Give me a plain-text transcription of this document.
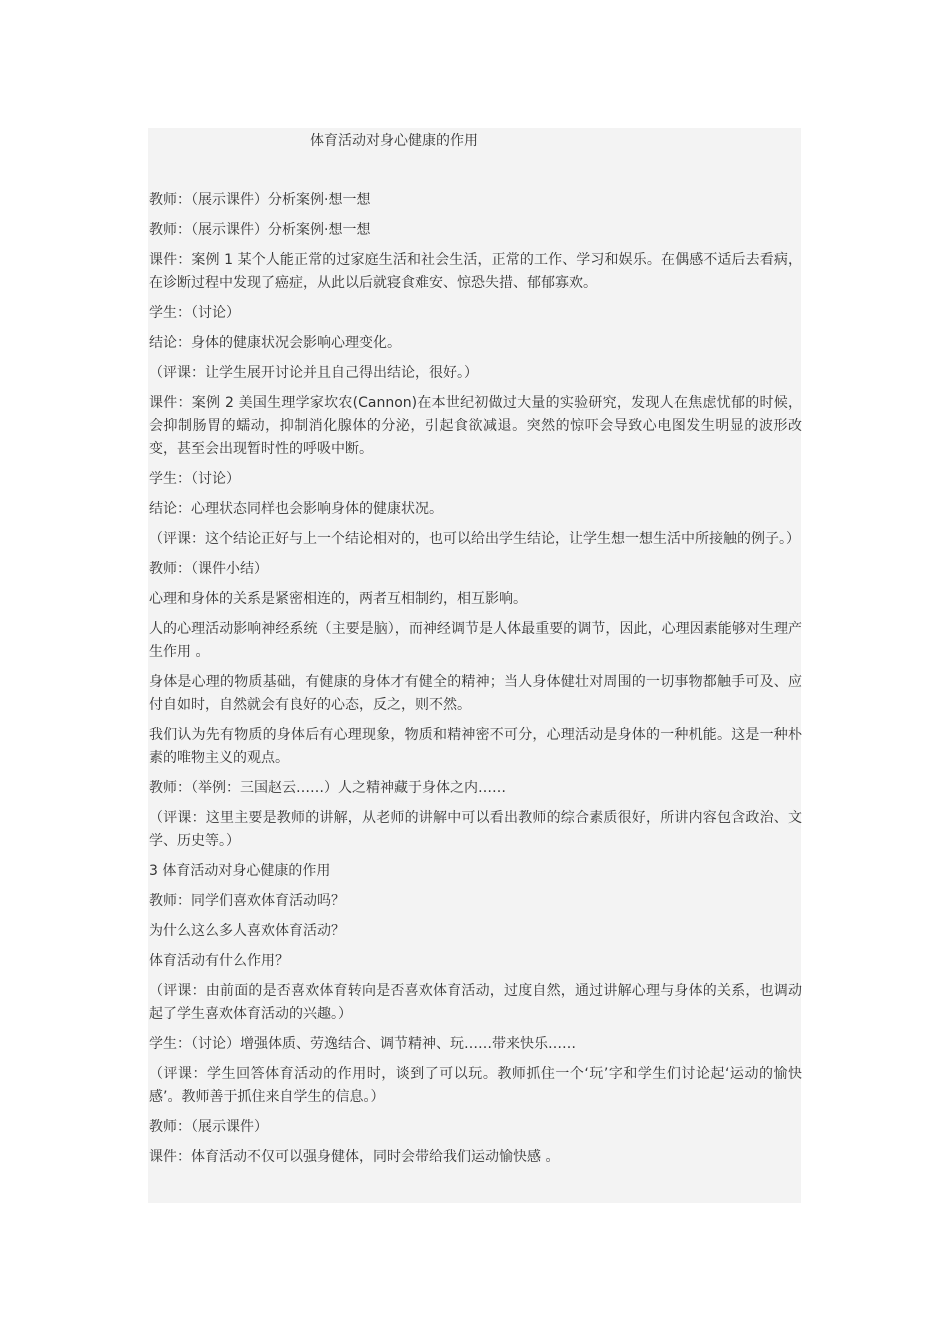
体育活动对身心健康的作用

教师：（展示课件）分析案例·想一想

教师：（展示课件）分析案例·想一想

课件：案例 1 某个人能正常的过家庭生活和社会生活，正常的工作、学习和娱乐。在偶感不适后去看病，在诊断过程中发现了癌症，从此以后就寝食难安、惊恐失措、郁郁寡欢。

学生：（讨论）

结论：身体的健康状况会影响心理变化。

（评课：让学生展开讨论并且自己得出结论，很好。）

课件：案例 2 美国生理学家坎农(Cannon)在本世纪初做过大量的实验研究，发现人在焦虑忧郁的时候，会抑制肠胃的蠕动，抑制消化腺体的分泌，引起食欲减退。突然的惊吓会导致心电图发生明显的波形改变，甚至会出现暂时性的呼吸中断。

学生：（讨论）

结论：心理状态同样也会影响身体的健康状况。

（评课：这个结论正好与上一个结论相对的，也可以给出学生结论，让学生想一想生活中所接触的例子。）

教师：（课件小结）

心理和身体的关系是紧密相连的，两者互相制约，相互影响。

人的心理活动影响神经系统（主要是脑），而神经调节是人体最重要的调节，因此，心理因素能够对生理产生作用 。

身体是心理的物质基础，有健康的身体才有健全的精神；当人身体健壮对周围的一切事物都触手可及、应付自如时，自然就会有良好的心态，反之，则不然。

我们认为先有物质的身体后有心理现象，物质和精神密不可分，心理活动是身体的一种机能。这是一种朴素的唯物主义的观点。

教师：（举例：三国赵云……）人之精神藏于身体之内……

（评课：这里主要是教师的讲解，从老师的讲解中可以看出教师的综合素质很好，所讲内容包含政治、文学、历史等。）

3 体育活动对身心健康的作用

教师：同学们喜欢体育活动吗？

为什么这么多人喜欢体育活动？

体育活动有什么作用？

（评课：由前面的是否喜欢体育转向是否喜欢体育活动，过度自然，通过讲解心理与身体的关系，也调动起了学生喜欢体育活动的兴趣。）

学生：（讨论）增强体质、劳逸结合、调节精神、玩……带来快乐……

（评课：学生回答体育活动的作用时，谈到了可以玩。教师抓住一个‘玩’字和学生们讨论起‘运动的愉快感’。教师善于抓住来自学生的信息。）

教师：（展示课件）

课件：体育活动不仅可以强身健体，同时会带给我们运动愉快感 。
